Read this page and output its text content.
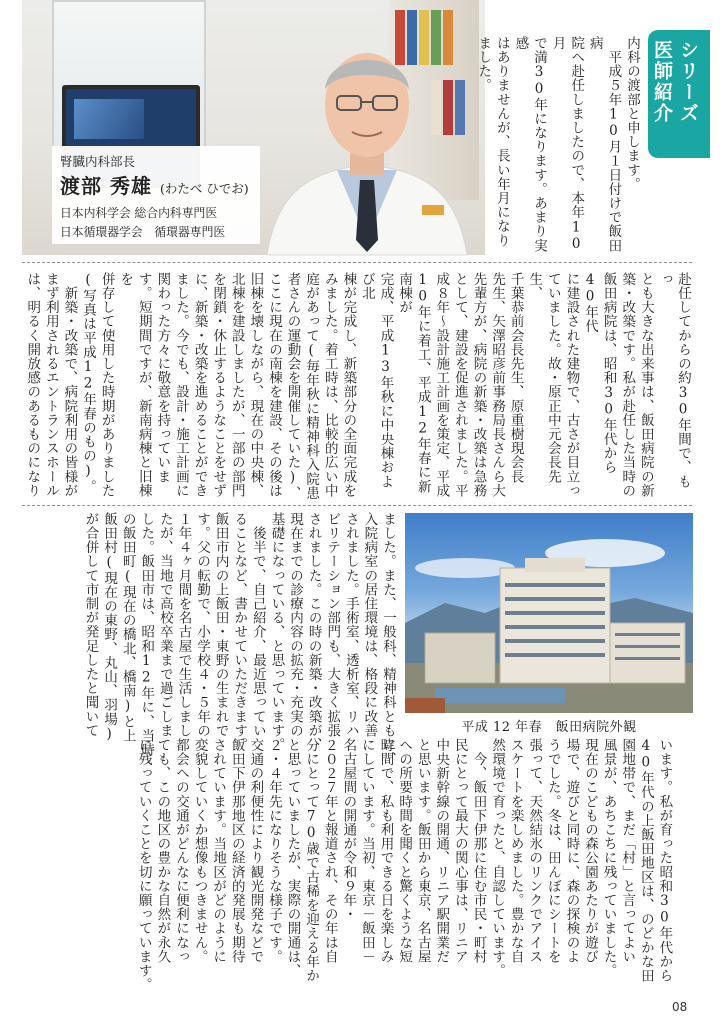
腎臓内科部長
渡部 秀雄 (わたべ ひでお)
日本内科学会 総合内科専門医
日本循環器学会　循環器専門医
シリーズ
医師紹介
内科の渡部と申します。
　平成５年10月１日付けで飯田病
院へ赴任しましたので、本年10月
で満30年になります。あまり実感
はありませんが、長い年月になり
ました。
赴任してからの約30年間で、もっ
とも大きな出来事は、飯田病院の新
築・改築です。私が赴任した当時の
飯田病院は、昭和30年代から40年代
に建設された建物で、古さが目立っ
ていました。故・原正中元会長先生、
千葉恭前会長先生、原重樹現会長
先生、矢澤昭彦前事務局長さんら大
先輩方が、病院の新築・改築は急務
として、建設を促進されました。平
成８年～設計施工計画を策定、平成
10年に着工、平成12年春に新南棟が
完成、平成13年秋に中央棟および北
棟が完成し、新築部分の全面完成を
みました。着工時は、比較的広い中
庭があって(毎年秋に精神科入院患
者さんの運動会を開催していた)、
ここに現在の南棟を建設、その後は
旧棟を壊しながら、現在の中央棟、
北棟を建設しましたが、一部の部門
を閉鎖・休止するようなことをせず
に、新築・改築を進めることができ
ました。今でも、設計・施工計画に
関わった方々に敬意を持っていま
す。短期間ですが、新南病棟と旧棟を
併存して使用した時期がありました
(写真は平成12年春のもの)。
　新築・改築で、病院利用の皆様が
まず利用されるエントランスホール
は、明るく開放感のあるものになり
平成 12 年春　飯田病院外観
ました。また、一般科、精神科ともに、
入院病室の居住環境は、格段に改善
されました。手術室、透析室、リハ
ビリテーション部門も、大きく拡張
されました。この時の新築・改築が、
現在までの診療内容の拡充・充実の
基礎になっている、と思っています。
　後半で、自己紹介、最近思ってい
ることなど、書かせていただきます。
飯田市内の上飯田・東野の生まれで
す。父の転勤で、小学校４・５年の
１年４ヶ月間を名古屋で生活しまし
たが、当地で高校卒業まで過ごしま
した。飯田市は、昭和12年に、当時
の飯田町(現在の橋北、橋南)と上
飯田村(現在の東野、丸山、羽場)
が合併して市制が発足したと聞いて

います。私が育った昭和30年代から
40年代の上飯田地区は、のどかな田
園地帯で、まだ「村」と言ってよい
風景が、あちこちに残っていました。
現在のこどもの森公園あたりが遊び
場で、遊びと同時に、森の探検のよ
うでした。冬は、田んぼにシートを
張って、天然結氷のリンクでアイス
スケートを楽しめました。豊かな自
然環境で育ったと、自認しています。
　今、飯田下伊那に住む市民・町村
民にとって最大の関心事は、リニア
中央新幹線の開通、リニア駅開業だ
と思います。飯田から東京、名古屋
への所要時間を聞くと驚くような短
時間で、私も利用できる日を楽しみ
にしています。当初、東京－飯田－
名古屋間の開通が令和９年・
２０２７年と報道され、その年は自
分にとって70歳で古稀を迎える年か
と思っていましたが、実際の開通は、
２・４年先になりそうな様子です。
交通の利便性により観光開発などで
飯田下伊那地区の経済的発展も期待
されています。当地区がどのように
変貌していくか想像もつきません。
都会への交通がどんなに便利になっ
ても、この地区の豊かな自然が永久
に残っていくことを切に願っています。

08
